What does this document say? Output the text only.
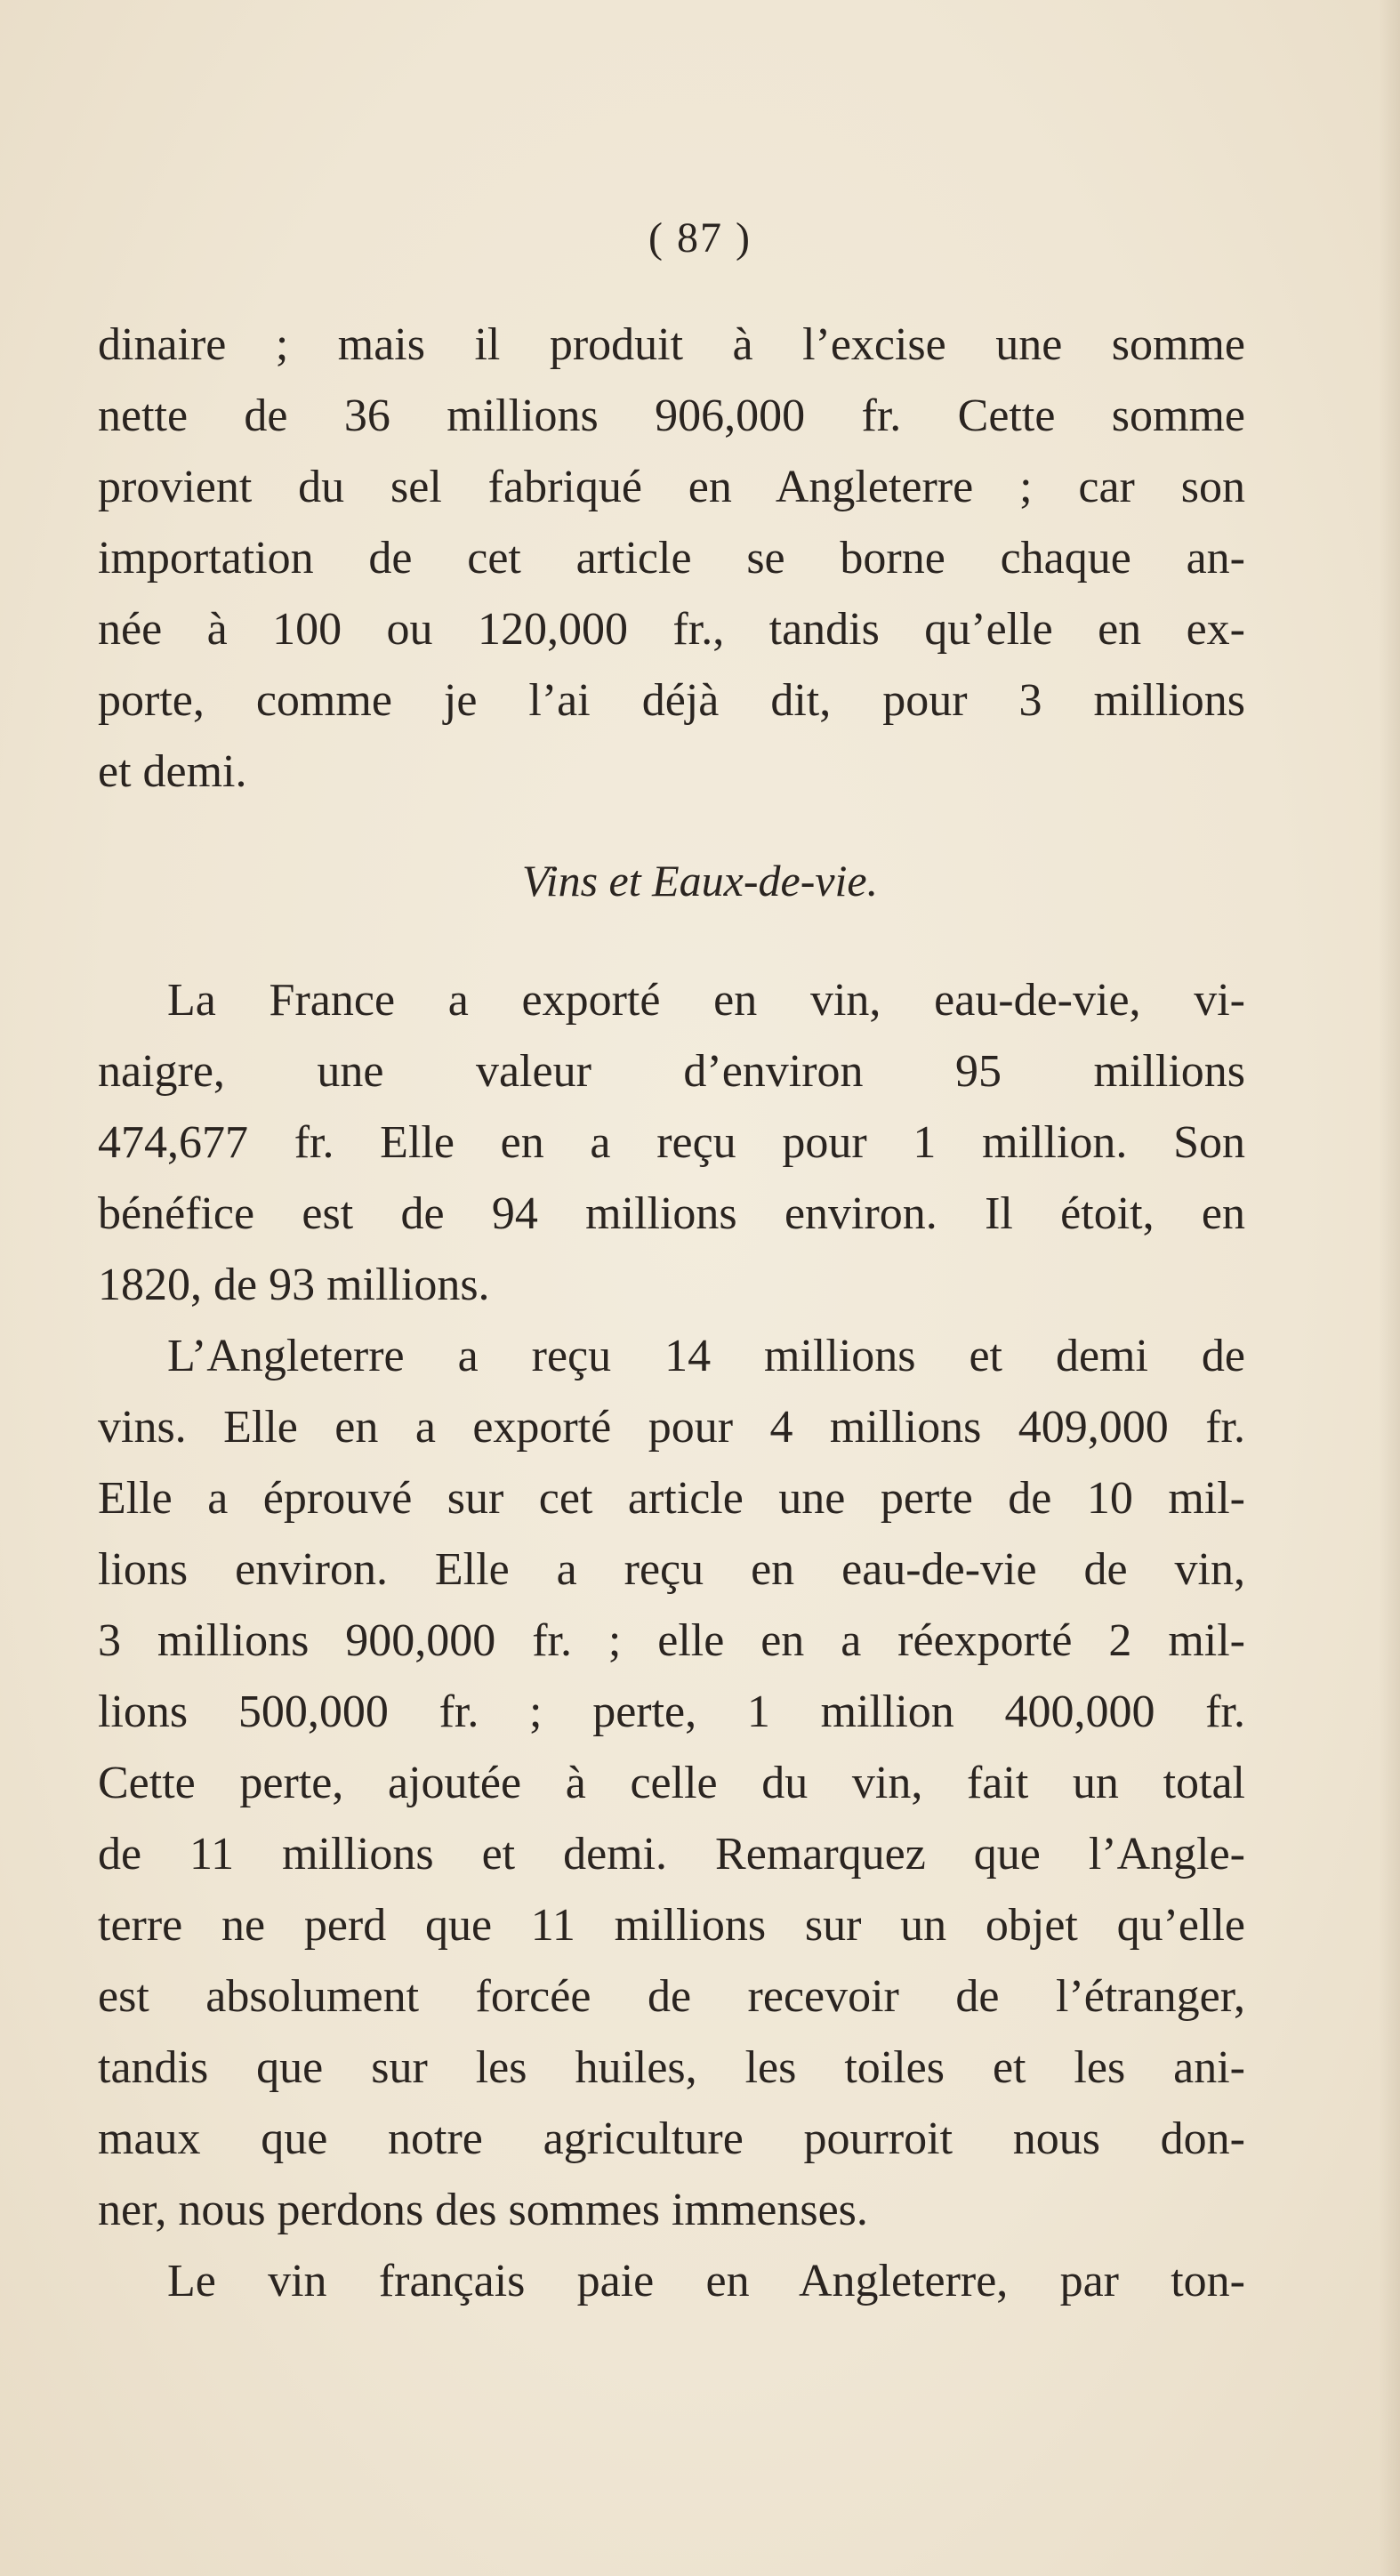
( 87 )
dinaire ; mais il produit à l’excise une somme
nette de 36 millions 906,000 fr. Cette somme
provient du sel fabriqué en Angleterre ; car son
importation de cet article se borne chaque an-
née à 100 ou 120,000 fr., tandis qu’elle en ex-
porte, comme je l’ai déjà dit, pour 3 millions
et demi.
Vins et Eaux-de-vie.
La France a exporté en vin, eau-de-vie, vi-
naigre, une valeur d’environ 95 millions
474,677 fr. Elle en a reçu pour 1 million. Son
bénéfice est de 94 millions environ. Il étoit, en
1820, de 93 millions.
L’Angleterre a reçu 14 millions et demi de
vins. Elle en a exporté pour 4 millions 409,000 fr.
Elle a éprouvé sur cet article une perte de 10 mil-
lions environ. Elle a reçu en eau-de-vie de vin,
3 millions 900,000 fr. ; elle en a réexporté 2 mil-
lions 500,000 fr. ; perte, 1 million 400,000 fr.
Cette perte, ajoutée à celle du vin, fait un total
de 11 millions et demi. Remarquez que l’Angle-
terre ne perd que 11 millions sur un objet qu’elle
est absolument forcée de recevoir de l’étranger,
tandis que sur les huiles, les toiles et les ani-
maux que notre agriculture pourroit nous don-
ner, nous perdons des sommes immenses.
Le vin français paie en Angleterre, par ton-
